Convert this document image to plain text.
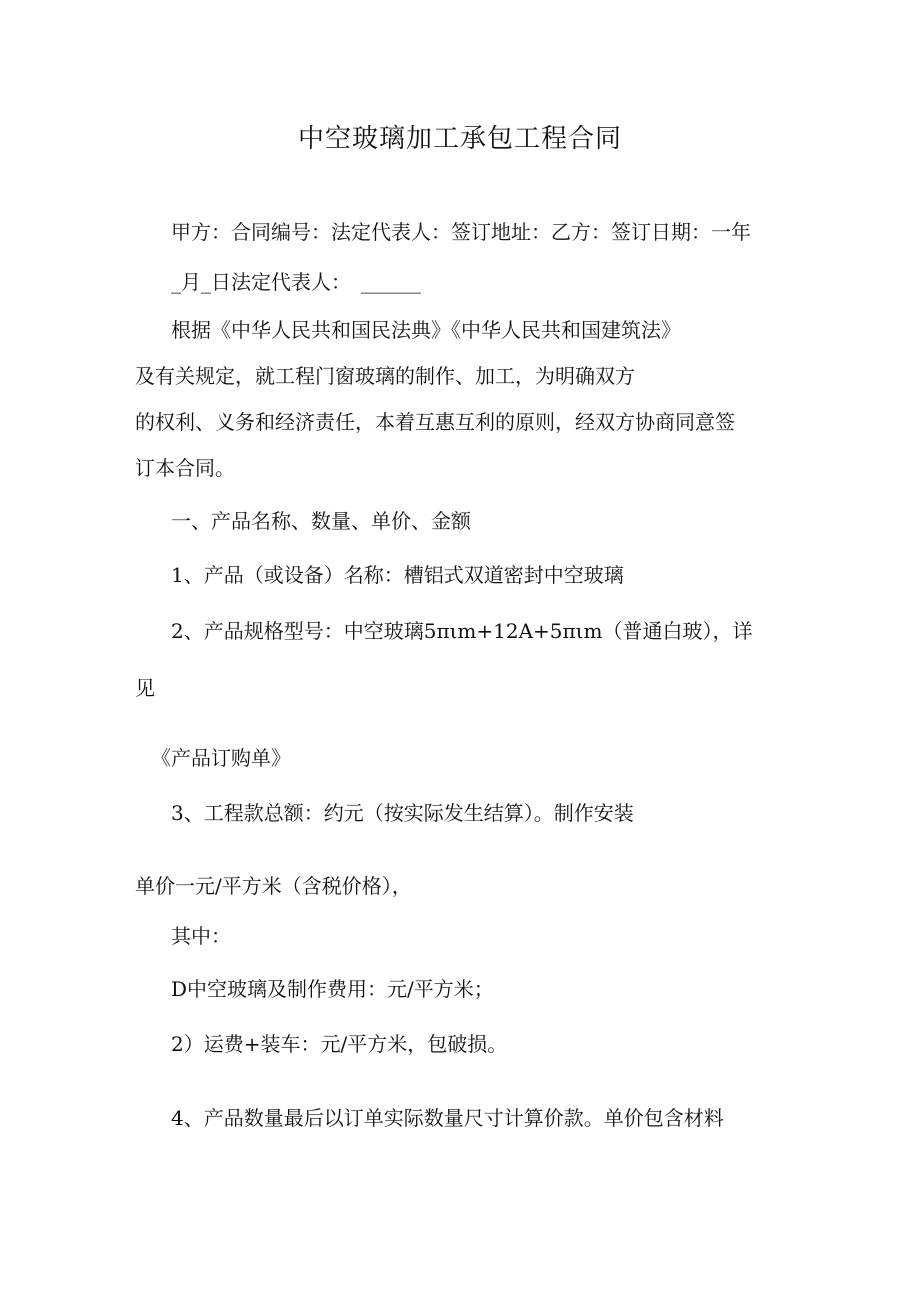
中空玻璃加工承包工程合同
甲方：合同编号：法定代表人：签订地址：乙方：签订日期：一年
_月_日法定代表人： ______
根据《中华人民共和国民法典》《中华人民共和国建筑法》
及有关规定，就工程门窗玻璃的制作、加工，为明确双方
的权利、义务和经济责任，本着互惠互利的原则，经双方协商同意签
订本合同。
一、产品名称、数量、单价、金额
1、产品（或设备）名称：槽铝式双道密封中空玻璃
2、产品规格型号：中空玻璃5πιm+12A+5πιm（普通白玻），详
见
《产品订购单》
3、工程款总额：约元（按实际发生结算）。制作安装
单价一元/平方米（含税价格），
其中：
D中空玻璃及制作费用：元/平方米；
2）运费+装车：元/平方米，包破损。
4、产品数量最后以订单实际数量尺寸计算价款。单价包含材料
